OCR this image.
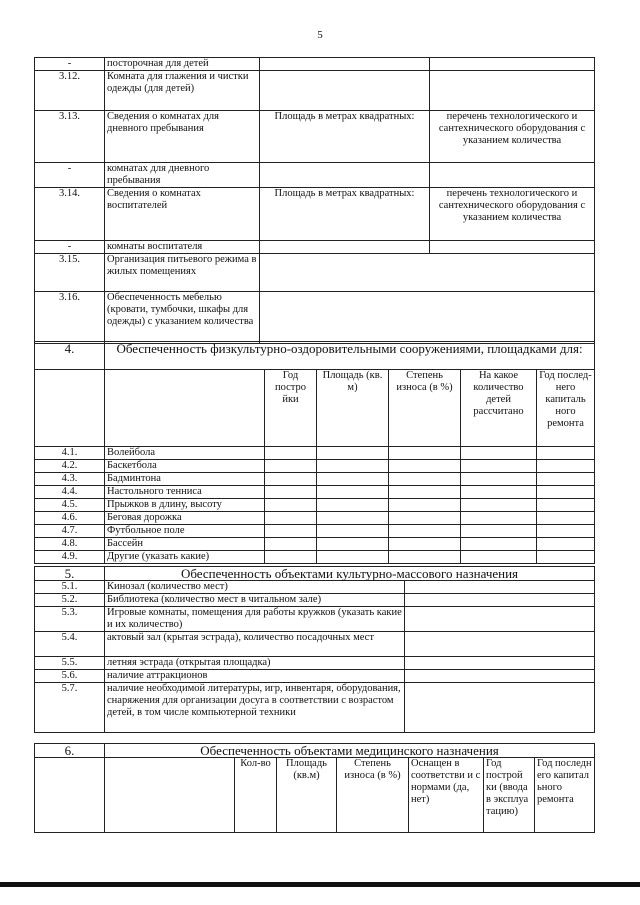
5
-	посторочная для детей		
3.12.	Комната для глажения и чистки одежды (для детей)		
3.13.	Сведения о комнатах для дневного пребывания	Площадь в метрах квадратных:	перечень технологического и сантехнического оборудования с указанием количества
-	комнатах для дневного пребывания		
3.14.	Сведения о комнатах воспитателей	Площадь в метрах квадратных:	перечень технологического и сантехнического оборудования с указанием количества
-	комнаты воспитателя		
3.15.	Организация питьевого режима в жилых помещениях		
3.16.	Обеспеченность мебелью (кровати, тумбочки, шкафы для одежды) с указанием количества		
4.	Обеспеченность физкультурно-оздоровительными сооружениями, площадками для:					
		Год постро йки	Площадь (кв. м)	Степень износа (в %)	На какое количество детей рассчитано	Год послед- него капиталь ного ремонта
4.1.	Волейбола					
4.2.	Баскетбола					
4.3.	Бадминтона					
4.4.	Настольного тенниса					
4.5.	Прыжков в длину, высоту					
4.6.	Беговая дорожка					
4.7.	Футбольное поле					
4.8.	Бассейн					
4.9.	Другие (указать какие)					
5.	Обеспеченность объектами культурно-массового назначения	
5.1.	Кинозал (количество мест)	
5.2.	Библиотека (количество мест в читальном зале)	
5.3.	Игровые комнаты, помещения для работы кружков (указать какие и их количество)	
5.4.	актовый зал (крытая эстрада), количество посадочных мест	
5.5.	летняя эстрада (открытая площадка)	
5.6.	наличие аттракционов	
5.7.	наличие необходимой литературы, игр, инвентаря, оборудования, снаряжения для организации досуга в соответствии с возрастом детей, в том числе компьютерной техники	
6.	Обеспеченность объектами медицинского назначения						
		Кол-во	Площадь (кв.м)	Степень износа (в %)	Оснащен в соответстви и с нормами (да, нет)	Год построй ки (ввода в эксплуа тацию)	Год последн его капитал ьного ремонта
